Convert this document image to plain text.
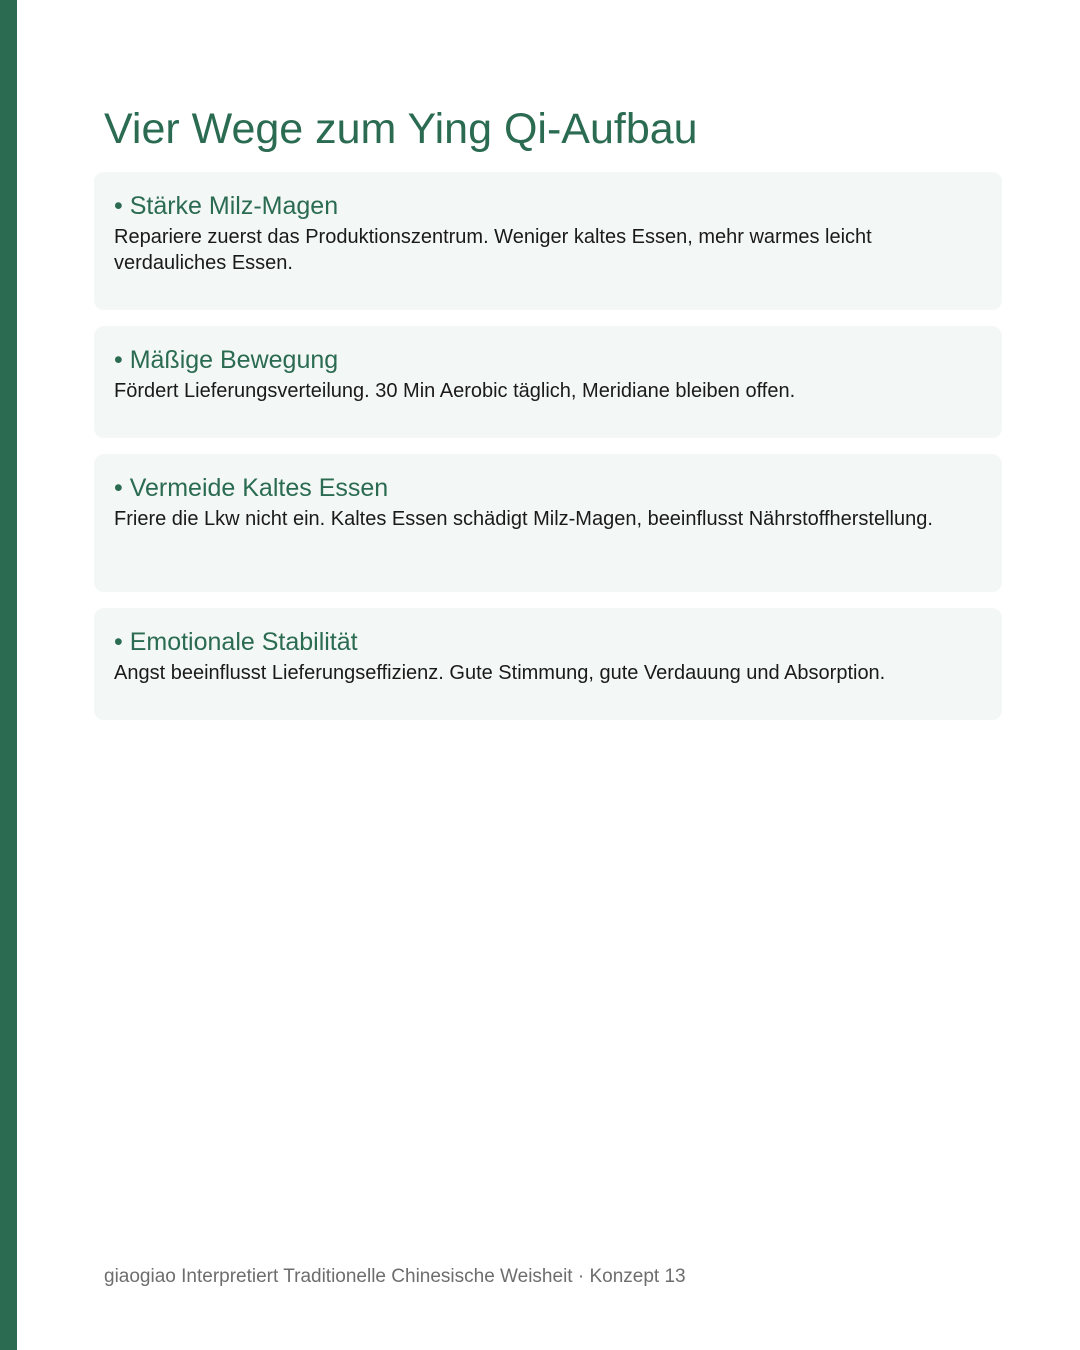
Vier Wege zum Ying Qi-Aufbau
• Stärke Milz-Magen

Repariere zuerst das Produktionszentrum. Weniger kaltes Essen, mehr warmes leicht verdauliches Essen.

• Mäßige Bewegung

Fördert Lieferungsverteilung. 30 Min Aerobic täglich, Meridiane bleiben offen.

• Vermeide Kaltes Essen

Friere die Lkw nicht ein. Kaltes Essen schädigt Milz-Magen, beeinflusst Nährstoffherstellung.

• Emotionale Stabilität

Angst beeinflusst Lieferungseffizienz. Gute Stimmung, gute Verdauung und Absorption.

giaogiao Interpretiert Traditionelle Chinesische Weisheit · Konzept 13
